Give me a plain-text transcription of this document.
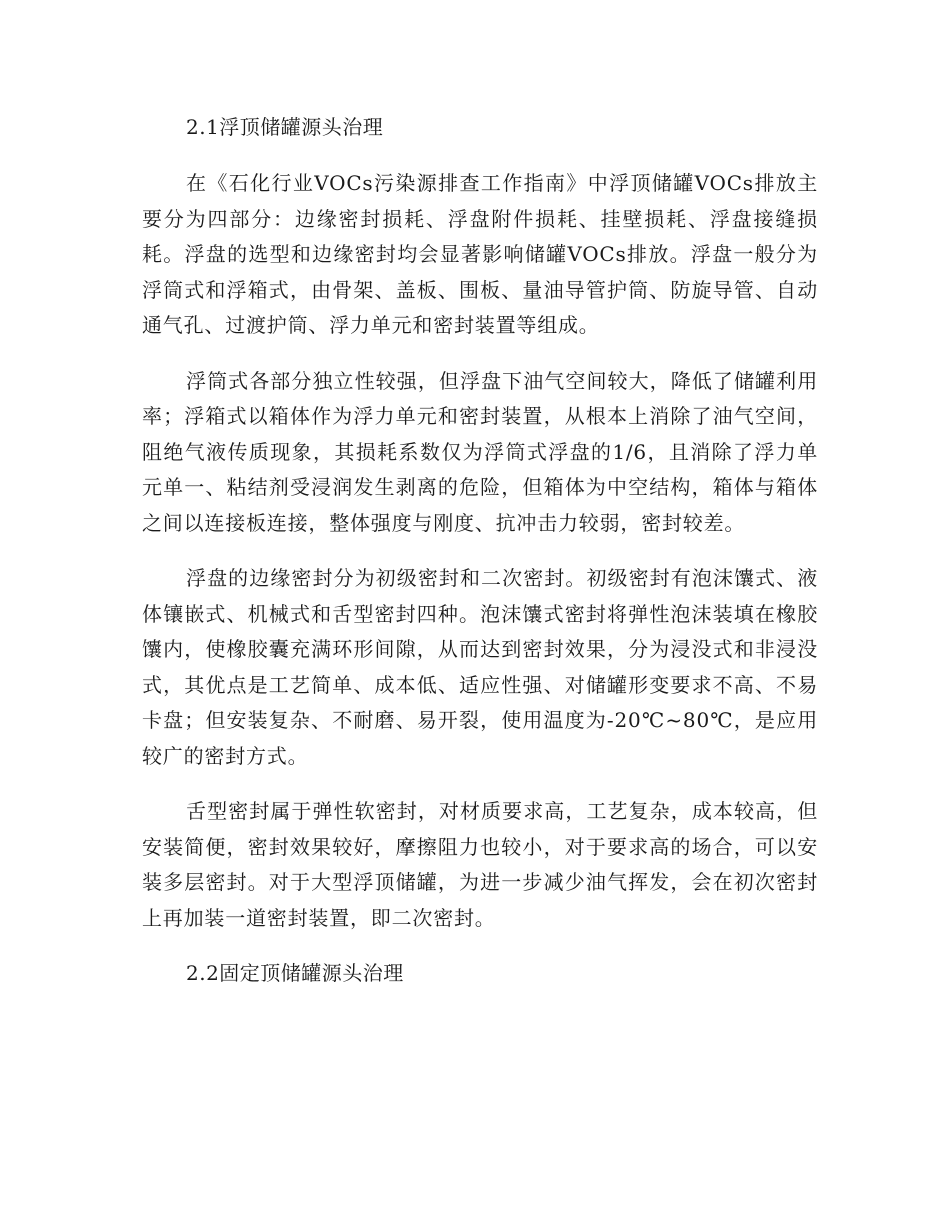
2.1浮顶储罐源头治理

在《石化行业VOCs污染源排查工作指南》中浮顶储罐VOCs排放主要分为四部分：边缘密封损耗、浮盘附件损耗、挂壁损耗、浮盘接缝损耗。浮盘的选型和边缘密封均会显著影响储罐VOCs排放。浮盘一般分为浮筒式和浮箱式，由骨架、盖板、围板、量油导管护筒、防旋导管、自动通气孔、过渡护筒、浮力单元和密封装置等组成。

浮筒式各部分独立性较强，但浮盘下油气空间较大，降低了储罐利用率；浮箱式以箱体作为浮力单元和密封装置，从根本上消除了油气空间，阻绝气液传质现象，其损耗系数仅为浮筒式浮盘的1/6，且消除了浮力单元单一、粘结剂受浸润发生剥离的危险，但箱体为中空结构，箱体与箱体之间以连接板连接，整体强度与刚度、抗冲击力较弱，密封较差。

浮盘的边缘密封分为初级密封和二次密封。初级密封有泡沫馕式、液体镶嵌式、机械式和舌型密封四种。泡沫馕式密封将弹性泡沫装填在橡胶馕内，使橡胶囊充满环形间隙，从而达到密封效果，分为浸没式和非浸没式，其优点是工艺简单、成本低、适应性强、对储罐形变要求不高、不易卡盘；但安装复杂、不耐磨、易开裂，使用温度为-20℃~80℃，是应用较广的密封方式。

舌型密封属于弹性软密封，对材质要求高，工艺复杂，成本较高，但安装简便，密封效果较好，摩擦阻力也较小，对于要求高的场合，可以安装多层密封。对于大型浮顶储罐，为进一步减少油气挥发，会在初次密封上再加装一道密封装置，即二次密封。

2.2固定顶储罐源头治理
